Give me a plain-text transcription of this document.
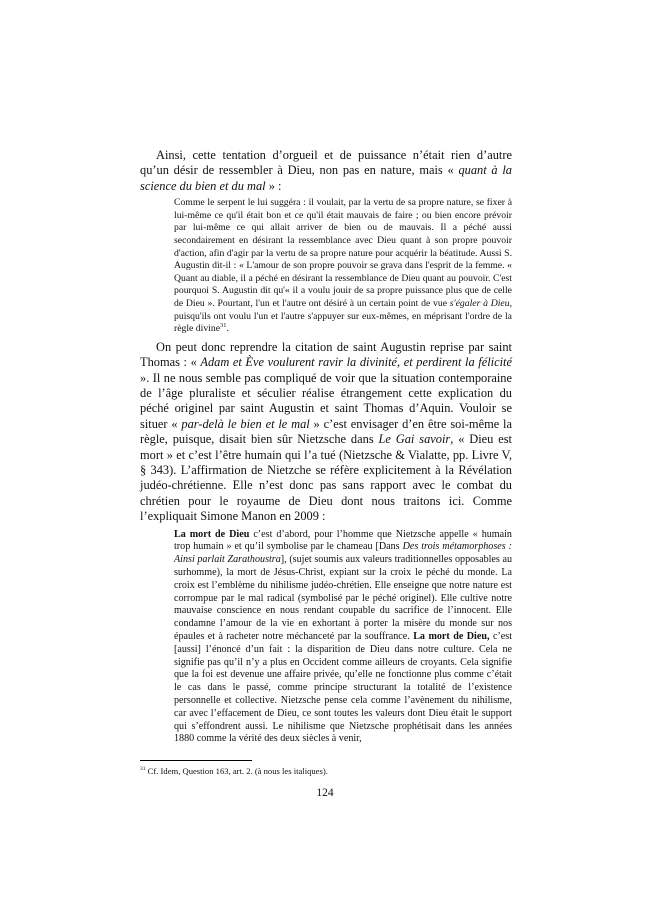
Ainsi, cette tentation d’orgueil et de puissance n’était rien d’autre qu’un désir de ressembler à Dieu, non pas en nature, mais « quant à la science du bien et du mal » :

Comme le serpent le lui suggéra : il voulait, par la vertu de sa propre nature, se fixer à lui-même ce qu'il était bon et ce qu'il était mauvais de faire ; ou bien encore prévoir par lui-même ce qui allait arriver de bien ou de mauvais. Il a péché aussi secondairement en désirant la ressemblance avec Dieu quant à son propre pouvoir d'action, afin d'agir par la vertu de sa propre nature pour acquérir la béatitude. Aussi S. Augustin dit-il : « L'amour de son propre pouvoir se grava dans l'esprit de la femme. « Quant au diable, il a péché en désirant la ressemblance de Dieu quant au pouvoir. C'est pourquoi S. Augustin dit qu'« il a voulu jouir de sa propre puissance plus que de celle de Dieu ». Pourtant, l'un et l'autre ont désiré à un certain point de vue s'égaler à Dieu, puisqu'ils ont voulu l'un et l'autre s'appuyer sur eux-mêmes, en méprisant l'ordre de la règle divine$^{31}$.

On peut donc reprendre la citation de saint Augustin reprise par saint Thomas : « Adam et Ève voulurent ravir la divinité, et perdirent la félicité ». Il ne nous semble pas compliqué de voir que la situation contemporaine de l’âge pluraliste et séculier réalise étrangement cette explication du péché originel par saint Augustin et saint Thomas d’Aquin. Vouloir se situer « par-delà le bien et le mal » c’est envisager d’en être soi-même la règle, puisque, disait bien sûr Nietzsche dans Le Gai savoir, « Dieu est mort » et c’est l’être humain qui l’a tué (Nietzsche & Vialatte, pp. Livre V, § 343). L’affirmation de Nietzche se réfère explicitement à la Révélation judéo-chrétienne. Elle n’est donc pas sans rapport avec le combat du chrétien pour le royaume de Dieu dont nous traitons ici. Comme l’expliquait Simone Manon en 2009 :

La mort de Dieu c’est d’abord, pour l’homme que Nietzsche appelle « humain trop humain » et qu’il symbolise par le chameau [Dans Des trois métamorphoses : Ainsi parlait Zarathoustra], (sujet soumis aux valeurs traditionnelles opposables au surhomme), la mort de Jésus-Christ, expiant sur la croix le péché du monde. La croix est l’emblème du nihilisme judéo-chrétien. Elle enseigne que notre nature est corrompue par le mal radical (symbolisé par le péché originel). Elle cultive notre mauvaise conscience en nous rendant coupable du sacrifice de l’innocent. Elle condamne l’amour de la vie en exhortant à porter la misère du monde sur nos épaules et à racheter notre méchanceté par la souffrance. La mort de Dieu, c’est [aussi] l’énoncé d’un fait : la disparition de Dieu dans notre culture. Cela ne signifie pas qu’il n’y a plus en Occident comme ailleurs de croyants. Cela signifie que la foi est devenue une affaire privée, qu’elle ne fonctionne plus comme c’était le cas dans le passé, comme principe structurant la totalité de l’existence personnelle et collective. Nietzsche pense cela comme l’avènement du nihilisme, car avec l’effacement de Dieu, ce sont toutes les valeurs dont Dieu était le support qui s’effondrent aussi. Le nihilisme que Nietzsche prophétisait dans les années 1880 comme la vérité des deux siècles à venir,

$^{31}$ Cf. Idem, Question 163, art. 2. (à nous les italiques).
124
